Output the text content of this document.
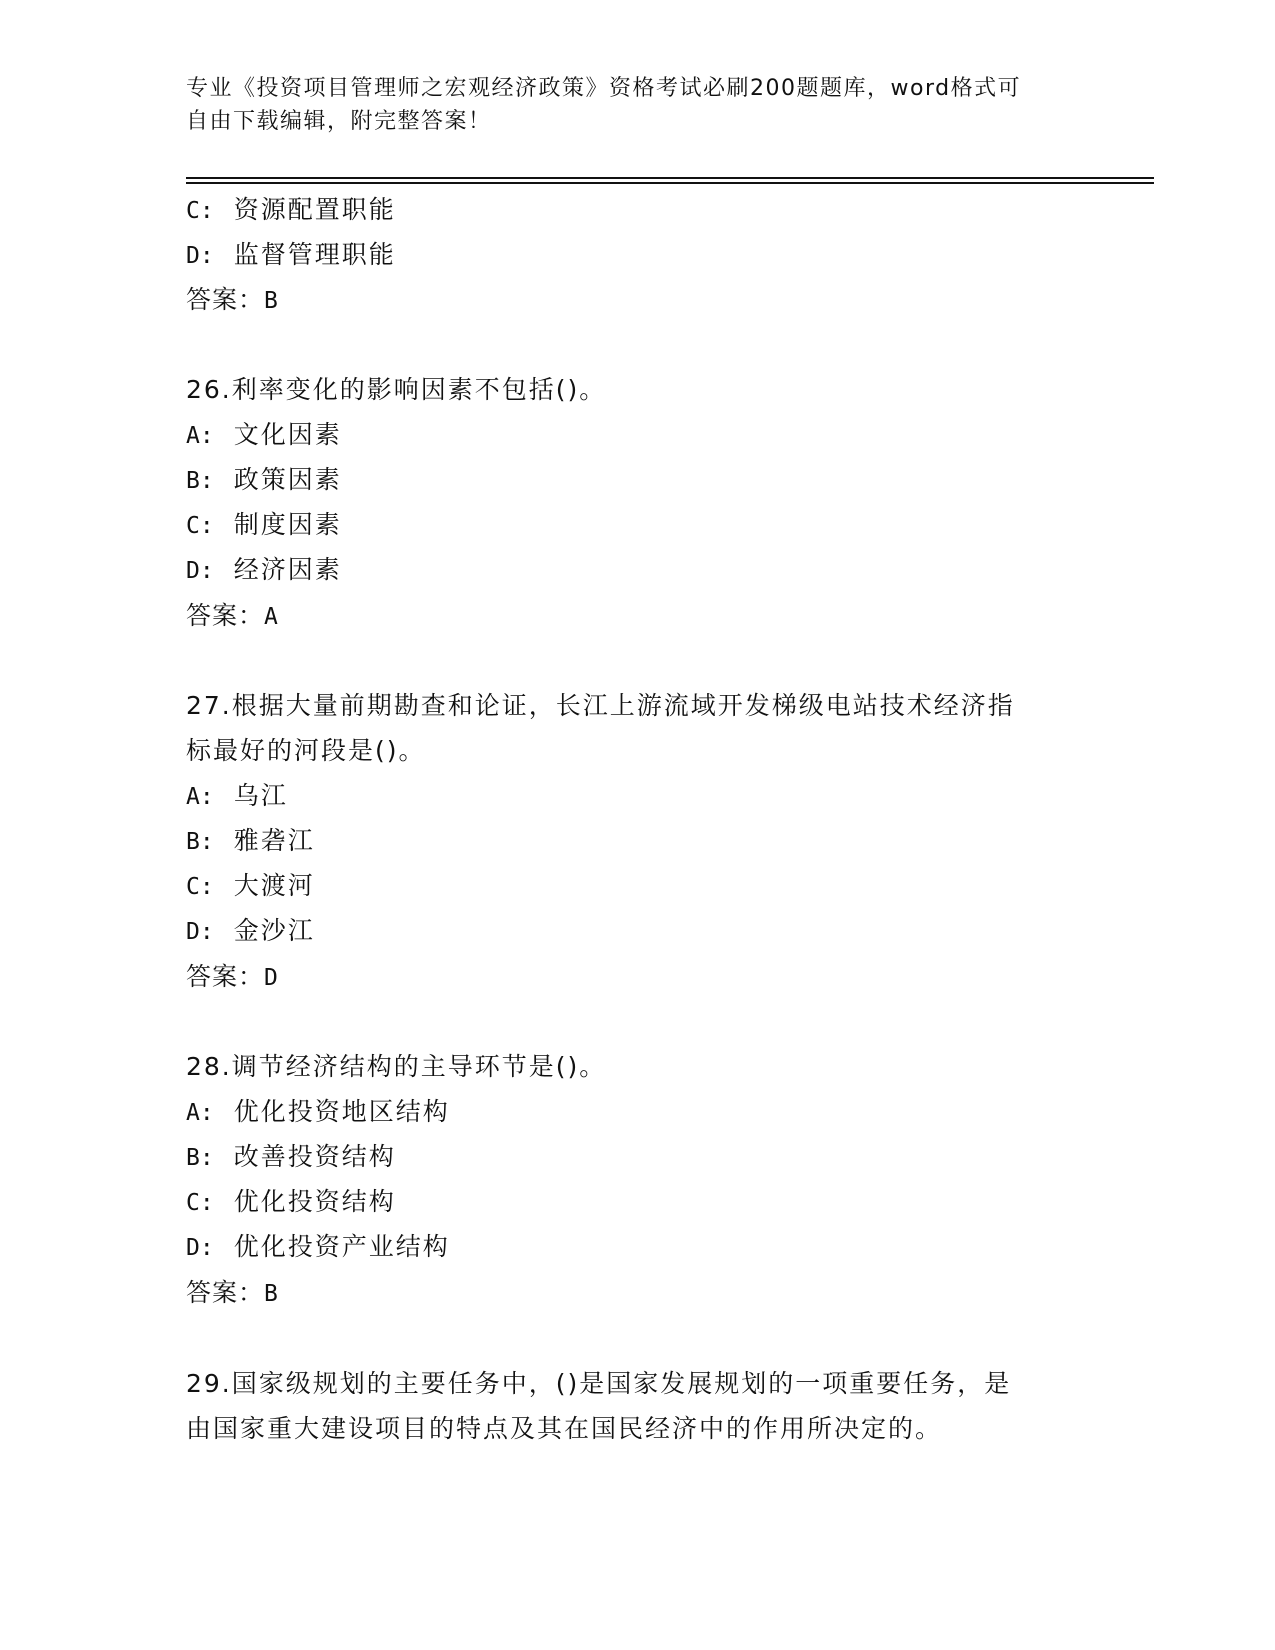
专业《投资项目管理师之宏观经济政策》资格考试必刷200题题库，word格式可
自由下载编辑，附完整答案！
C: 资源配置职能
D: 监督管理职能
答案：B
26.利率变化的影响因素不包括()。
A: 文化因素
B: 政策因素
C: 制度因素
D: 经济因素
答案：A
27.根据大量前期勘查和论证，长江上游流域开发梯级电站技术经济指
标最好的河段是()。
A: 乌江
B: 雅砻江
C: 大渡河
D: 金沙江
答案：D
28.调节经济结构的主导环节是()。
A: 优化投资地区结构
B: 改善投资结构
C: 优化投资结构
D: 优化投资产业结构
答案：B
29.国家级规划的主要任务中，()是国家发展规划的一项重要任务，是
由国家重大建设项目的特点及其在国民经济中的作用所决定的。
